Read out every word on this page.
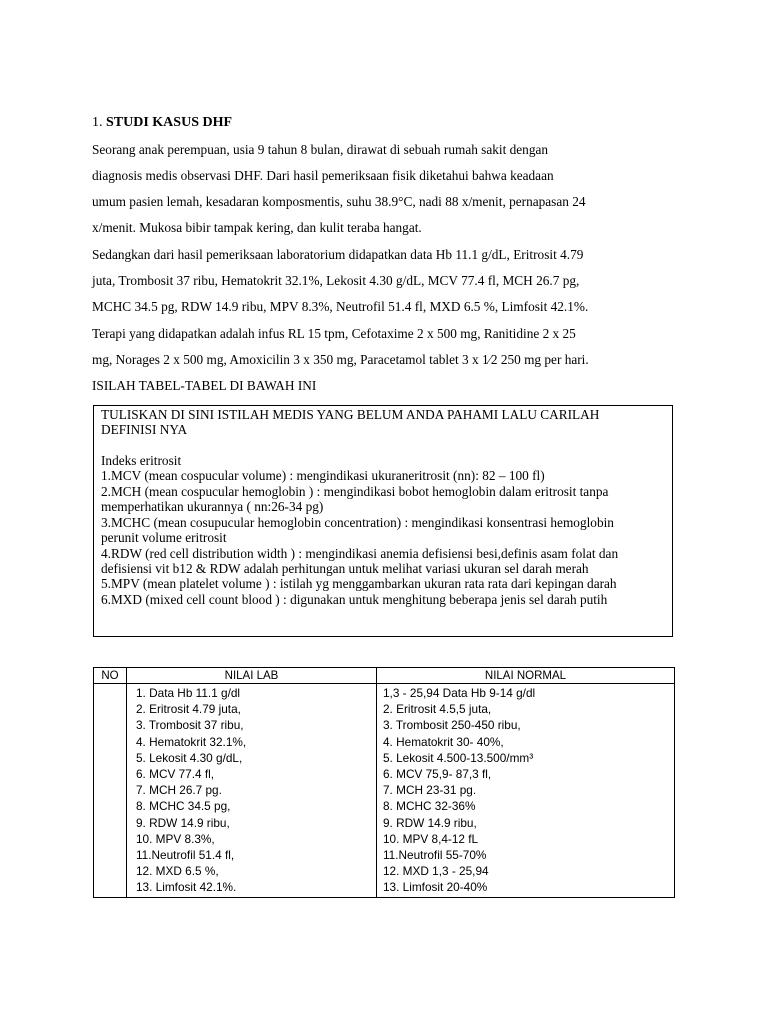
1. STUDI KASUS DHF
Seorang anak perempuan, usia 9 tahun 8 bulan, dirawat di sebuah rumah sakit dengan
diagnosis medis observasi DHF. Dari hasil pemeriksaan fisik diketahui bahwa keadaan
umum pasien lemah, kesadaran komposmentis, suhu 38.9°C, nadi 88 x/menit, pernapasan 24
x/menit. Mukosa bibir tampak kering, dan kulit teraba hangat.
Sedangkan dari hasil pemeriksaan laboratorium didapatkan data Hb 11.1 g/dL, Eritrosit 4.79
juta, Trombosit 37 ribu, Hematokrit 32.1%, Lekosit 4.30 g/dL, MCV 77.4 fl, MCH 26.7 pg,
MCHC 34.5 pg, RDW 14.9 ribu, MPV 8.3%, Neutrofil 51.4 fl, MXD 6.5 %, Limfosit 42.1%.
Terapi yang didapatkan adalah infus RL 15 tpm, Cefotaxime 2 x 500 mg, Ranitidine 2 x 25
mg, Norages 2 x 500 mg, Amoxicilin 3 x 350 mg, Paracetamol tablet 3 x 1⁄2 250 mg per hari.
ISILAH TABEL-TABEL DI BAWAH INI
TULISKAN DI SINI ISTILAH MEDIS YANG BELUM ANDA PAHAMI LALU CARILAH
DEFINISI NYA
Indeks eritrosit
1.MCV (mean cospucular volume) : mengindikasi ukuraneritrosit (nn): 82 – 100 fl)
2.MCH (mean cospucular hemoglobin ) : mengindikasi bobot hemoglobin dalam eritrosit tanpa
memperhatikan ukurannya ( nn:26-34 pg)
3.MCHC (mean cosupucular hemoglobin concentration) : mengindikasi konsentrasi hemoglobin
perunit volume eritrosit
4.RDW (red cell distribution width ) : mengindikasi anemia defisiensi besi,definis asam folat dan
defisiensi vit b12 & RDW adalah perhitungan untuk melihat variasi ukuran sel darah merah
5.MPV (mean platelet volume ) : istilah yg menggambarkan ukuran rata rata dari kepingan darah
6.MXD (mixed cell count blood ) : digunakan untuk menghitung beberapa jenis sel darah putih
NO	NILAI LAB	NILAI NORMAL
1. Data Hb 11.1 g/dl
2. Eritrosit 4.79 juta,
3. Trombosit 37 ribu,
4. Hematokrit 32.1%,
5. Lekosit 4.30 g/dL,
6. MCV 77.4 fl,
7. MCH 26.7 pg.
8. MCHC 34.5 pg,
9. RDW 14.9 ribu,
10. MPV 8.3%,
11.Neutrofil 51.4 fl,
12. MXD 6.5 %,
13. Limfosit 42.1%.
1,3 - 25,94 Data Hb 9-14 g/dl
2. Eritrosit 4.5,5 juta,
3. Trombosit 250-450 ribu,
4. Hematokrit 30- 40%,
5. Lekosit 4.500-13.500/mm³
6. MCV 75,9- 87,3 fl,
7. MCH 23-31 pg.
8. MCHC 32-36%
9. RDW 14.9 ribu,
10. MPV 8,4-12 fL
11.Neutrofil 55-70%
12. MXD 1,3 - 25,94
13. Limfosit 20-40%
